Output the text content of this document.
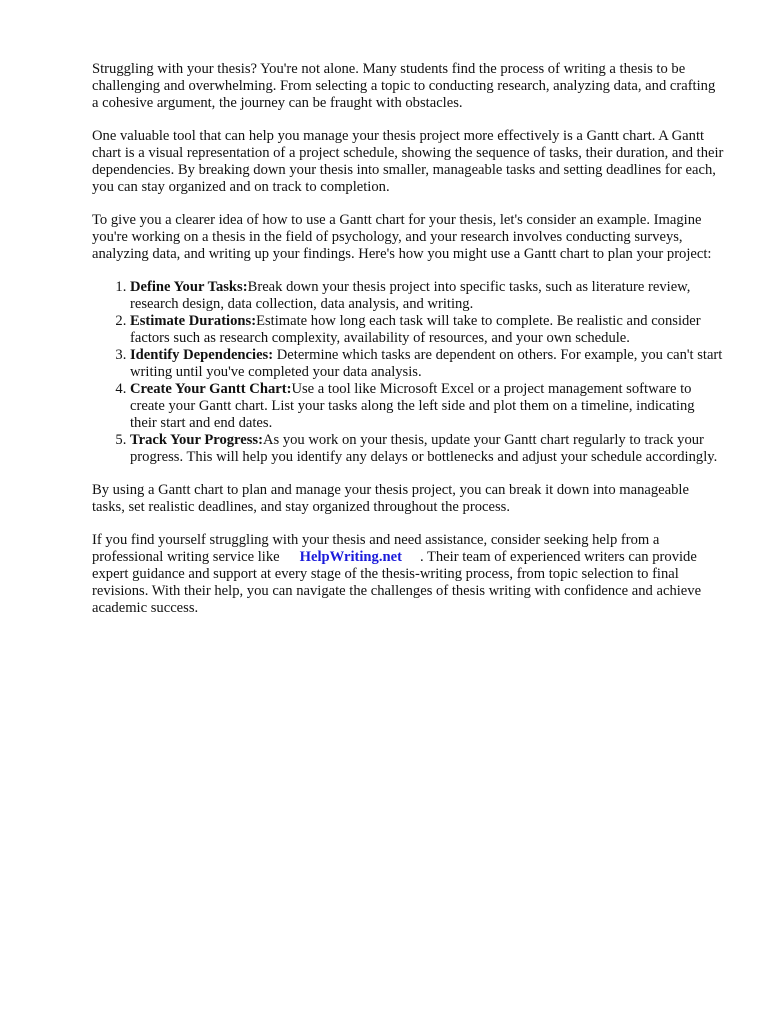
Struggling with your thesis? You're not alone. Many students find the process of writing a thesis to be challenging and overwhelming. From selecting a topic to conducting research, analyzing data, and crafting a cohesive argument, the journey can be fraught with obstacles.

One valuable tool that can help you manage your thesis project more effectively is a Gantt chart. A Gantt chart is a visual representation of a project schedule, showing the sequence of tasks, their duration, and their dependencies. By breaking down your thesis into smaller, manageable tasks and setting deadlines for each, you can stay organized and on track to completion.

To give you a clearer idea of how to use a Gantt chart for your thesis, let's consider an example. Imagine you're working on a thesis in the field of psychology, and your research involves conducting surveys, analyzing data, and writing up your findings. Here's how you might use a Gantt chart to plan your project:

1. Define Your Tasks:Break down your thesis project into specific tasks, such as literature review, research design, data collection, data analysis, and writing.
2. Estimate Durations:Estimate how long each task will take to complete. Be realistic and consider factors such as research complexity, availability of resources, and your own schedule.
3. Identify Dependencies: Determine which tasks are dependent on others. For example, you can't start writing until you've completed your data analysis.
4. Create Your Gantt Chart:Use a tool like Microsoft Excel or a project management software to create your Gantt chart. List your tasks along the left side and plot them on a timeline, indicating their start and end dates.
5. Track Your Progress:As you work on your thesis, update your Gantt chart regularly to track your progress. This will help you identify any delays or bottlenecks and adjust your schedule accordingly.

By using a Gantt chart to plan and manage your thesis project, you can break it down into manageable tasks, set realistic deadlines, and stay organized throughout the process.

If you find yourself struggling with your thesis and need assistance, consider seeking help from a professional writing service like HelpWriting.net . Their team of experienced writers can provide expert guidance and support at every stage of the thesis-writing process, from topic selection to final revisions. With their help, you can navigate the challenges of thesis writing with confidence and achieve academic success.
